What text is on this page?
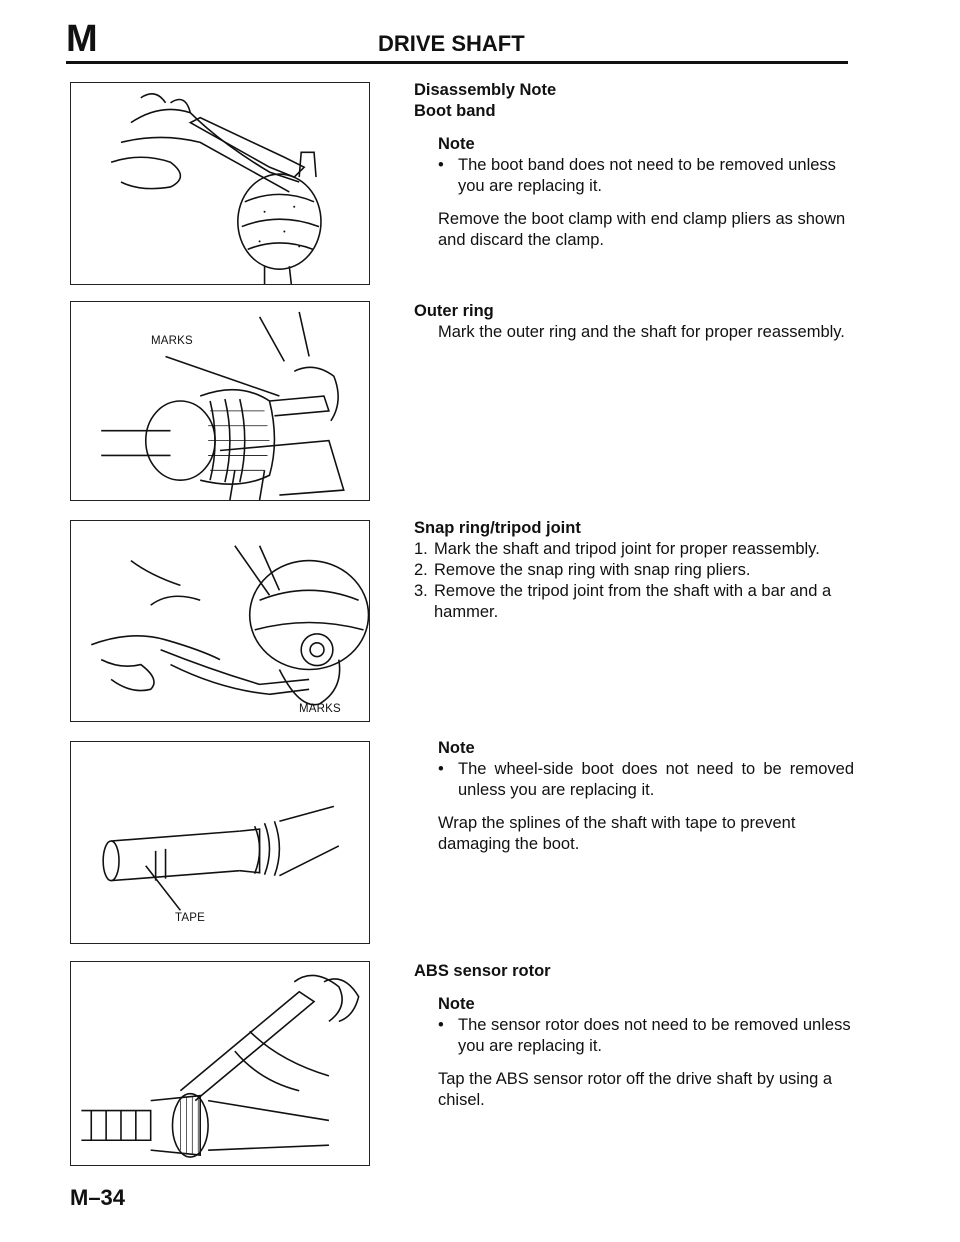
M	DRIVE SHAFT
MARKS
MARKS
TAPE
Disassembly Note
Boot band
Note
• The boot band does not need to be removed unless you are replacing it.
Remove the boot clamp with end clamp pliers as shown and discard the clamp.
Outer ring
Mark the outer ring and the shaft for proper reassembly.
Snap ring/tripod joint
1. Mark the shaft and tripod joint for proper reassembly.
2. Remove the snap ring with snap ring pliers.
3. Remove the tripod joint from the shaft with a bar and a hammer.
Note
• The wheel-side boot does not need to be removed unless you are replacing it.
Wrap the splines of the shaft with tape to prevent damaging the boot.
ABS sensor rotor
Note
• The sensor rotor does not need to be removed unless you are replacing it.
Tap the ABS sensor rotor off the drive shaft by using a chisel.
M–34
